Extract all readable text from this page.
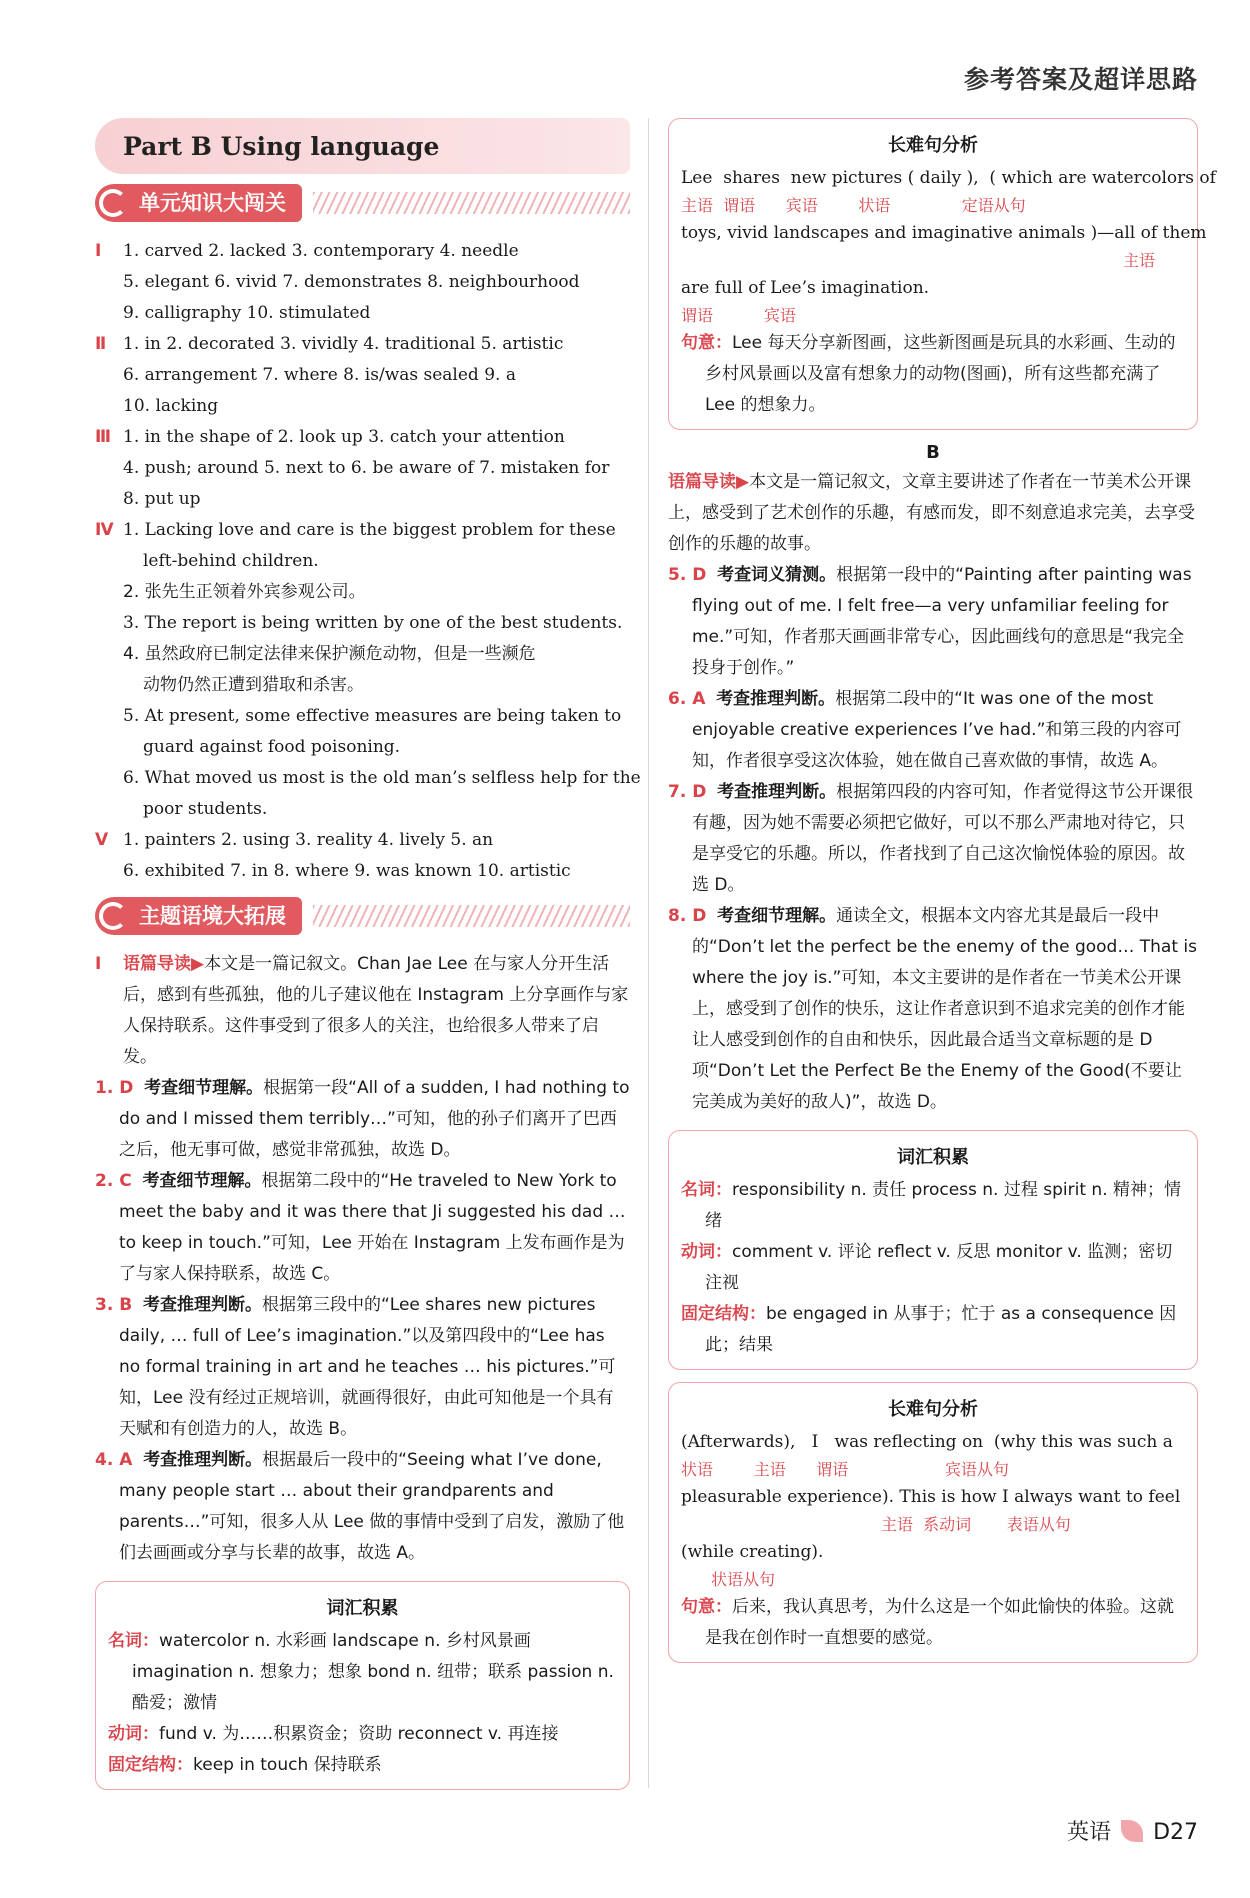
参考答案及超详思路
Part B Using language
单元知识大闯关
Ⅰ 1. carved 2. lacked 3. contemporary 4. needle
5. elegant 6. vivid 7. demonstrates 8. neighbourhood
9. calligraphy 10. stimulated
Ⅱ 1. in 2. decorated 3. vividly 4. traditional 5. artistic
6. arrangement 7. where 8. is/was sealed 9. a
10. lacking
Ⅲ 1. in the shape of 2. look up 3. catch your attention
4. push; around 5. next to 6. be aware of 7. mistaken for
8. put up
Ⅳ 1. Lacking love and care is the biggest problem for these
left-behind children.
2. 张先生正领着外宾参观公司。
3. The report is being written by one of the best students.
4. 虽然政府已制定法律来保护濒危动物，但是一些濒危
动物仍然正遭到猎取和杀害。
5. At present, some effective measures are being taken to
guard against food poisoning.
6. What moved us most is the old man’s selfless help for the
poor students.
Ⅴ 1. painters 2. using 3. reality 4. lively 5. an
6. exhibited 7. in 8. where 9. was known 10. artistic
主题语境大拓展
Ⅰ 语篇导读▶本文是一篇记叙文。Chan Jae Lee 在与家人分开生活后，感到有些孤独，他的儿子建议他在 Instagram 上分享画作与家人保持联系。这件事受到了很多人的关注，也给很多人带来了启发。
1. D 考查细节理解。根据第一段“All of a sudden, I had nothing to do and I missed them terribly…”可知，他的孙子们离开了巴西之后，他无事可做，感觉非常孤独，故选 D。
2. C 考查细节理解。根据第二段中的“He traveled to New York to meet the baby and it was there that Ji suggested his dad … to keep in touch.”可知，Lee 开始在 Instagram 上发布画作是为了与家人保持联系，故选 C。
3. B 考查推理判断。根据第三段中的“Lee shares new pictures daily, … full of Lee’s imagination.”以及第四段中的“Lee has no formal training in art and he teaches … his pictures.”可知，Lee 没有经过正规培训，就画得很好，由此可知他是一个具有天赋和有创造力的人，故选 B。
4. A 考查推理判断。根据最后一段中的“Seeing what I’ve done, many people start … about their grandparents and parents…”可知，很多人从 Lee 做的事情中受到了启发，激励了他们去画画或分享与长辈的故事，故选 A。
词汇积累
名词：watercolor n. 水彩画 landscape n. 乡村风景画 imagination n. 想象力；想象 bond n. 纽带；联系 passion n. 酷爱；激情
动词：fund v. 为……积累资金；资助 reconnect v. 再连接
固定结构：keep in touch 保持联系
长难句分析
Lee  shares  new pictures ( daily ),  ( which are watercolors of
主语  谓语      宾语        状语              定语从句
toys, vivid landscapes and imaginative animals )—all of them
主语
are full of Lee’s imagination.
谓语          宾语
句意：Lee 每天分享新图画，这些新图画是玩具的水彩画、生动的乡村风景画以及富有想象力的动物(图画)，所有这些都充满了 Lee 的想象力。
B
语篇导读▶本文是一篇记叙文，文章主要讲述了作者在一节美术公开课上，感受到了艺术创作的乐趣，有感而发，即不刻意追求完美，去享受创作的乐趣的故事。
5. D 考查词义猜测。根据第一段中的“Painting after painting was flying out of me. I felt free—a very unfamiliar feeling for me.”可知，作者那天画画非常专心，因此画线句的意思是“我完全投身于创作。”
6. A 考查推理判断。根据第二段中的“It was one of the most enjoyable creative experiences I’ve had.”和第三段的内容可知，作者很享受这次体验，她在做自己喜欢做的事情，故选 A。
7. D 考查推理判断。根据第四段的内容可知，作者觉得这节公开课很有趣，因为她不需要必须把它做好，可以不那么严肃地对待它，只是享受它的乐趣。所以，作者找到了自己这次愉悦体验的原因。故选 D。
8. D 考查细节理解。通读全文，根据本文内容尤其是最后一段中的“Don’t let the perfect be the enemy of the good… That is where the joy is.”可知，本文主要讲的是作者在一节美术公开课上，感受到了创作的快乐，这让作者意识到不追求完美的创作才能让人感受到创作的自由和快乐，因此最合适当文章标题的是 D 项“Don’t Let the Perfect Be the Enemy of the Good(不要让完美成为美好的敌人)”，故选 D。
词汇积累
名词：responsibility n. 责任 process n. 过程 spirit n. 精神；情绪
动词：comment v. 评论 reflect v. 反思 monitor v. 监测；密切注视
固定结构：be engaged in 从事于；忙于 as a consequence 因此；结果
长难句分析
(Afterwards),   I   was reflecting on  (why this was such a
状语        主语      谓语                   宾语从句
pleasurable experience). This is how I always want to feel
主语  系动词       表语从句
(while creating).
状语从句
句意：后来，我认真思考，为什么这是一个如此愉快的体验。这就是我在创作时一直想要的感觉。
英语 D27
